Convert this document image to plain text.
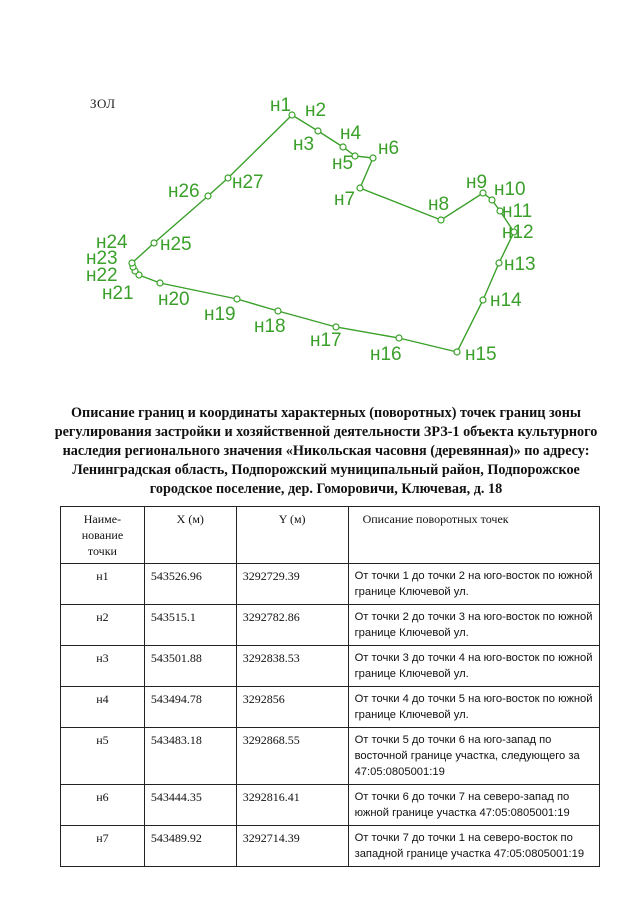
ЗОЛ	н1 н2
н3
н4
н5
н6
н7	н8
н9 н10
н11
н12
н13
н14
н15
н16
н17
н18
н19
н20
н21
н22
н23
н24 н25
н26 н27
Описание границ и координаты характерных (поворотных) точек границ зоны регулирования застройки и хозяйственной деятельности ЗРЗ-1 объекта культурного наследия регионального значения «Никольская часовня (деревянная)» по адресу: Ленинградская область, Подпорожский муниципальный район, Подпорожское городское поселение, дер. Гоморовичи, Ключевая, д. 18
Наиме-нование точки	X (м)	Y (м)	Описание поворотных точек
н1	543526.96	3292729.39	От точки 1 до точки 2 на юго-восток по южной границе Ключевой ул.
н2	543515.1	3292782.86	От точки 2 до точки 3 на юго-восток по южной границе Ключевой ул.
н3	543501.88	3292838.53	От точки 3 до точки 4 на юго-восток по южной границе Ключевой ул.
н4	543494.78	3292856	От точки 4 до точки 5 на юго-восток по южной границе Ключевой ул.
н5	543483.18	3292868.55	От точки 5 до точки 6 на юго-запад по восточной границе участка, следующего за 47:05:0805001:19
н6	543444.35	3292816.41	От точки 6 до точки 7 на северо-запад по южной границе участка 47:05:0805001:19
н7	543489.92	3292714.39	От точки 7 до точки 1 на северо-восток по западной границе участка 47:05:0805001:19
